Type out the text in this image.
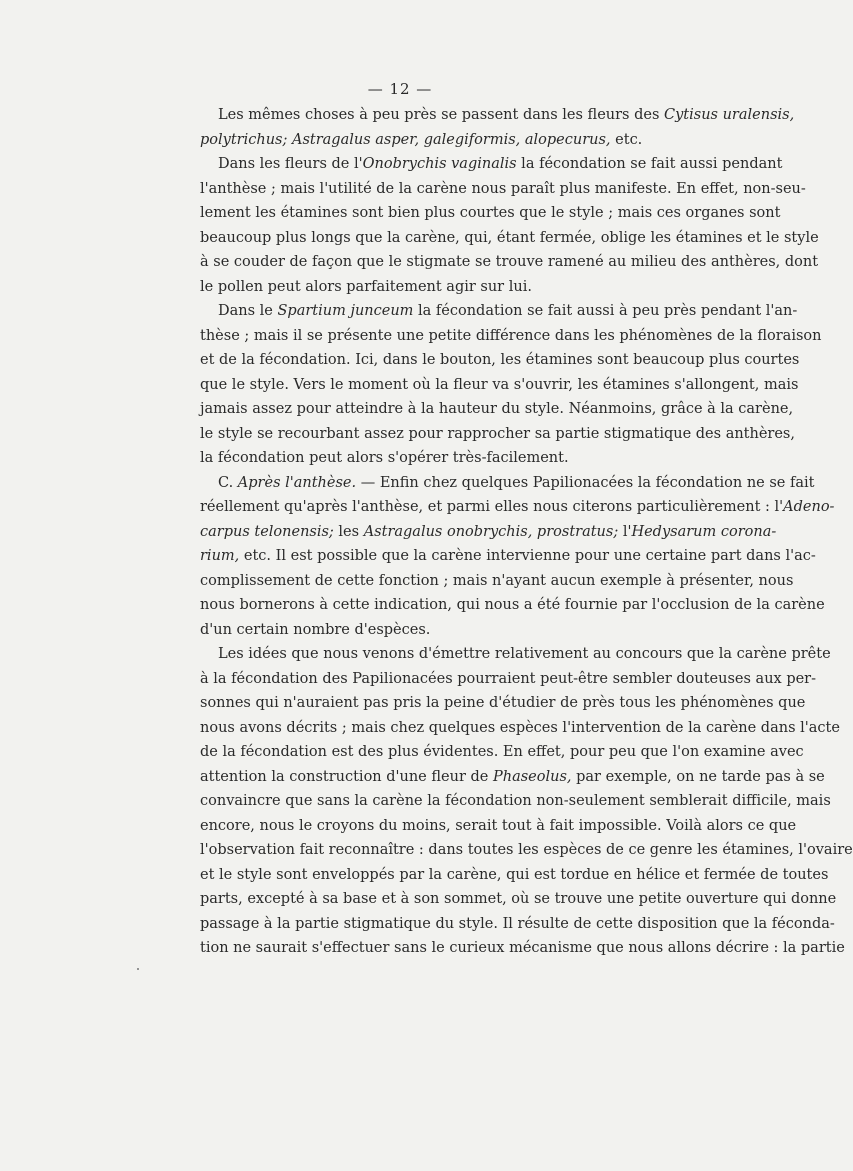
— 12 —
Les mêmes choses à peu près se passent dans les fleurs des Cytisus uralensis,
polytrichus; Astragalus asper, galegiformis, alopecurus, etc.
Dans les fleurs de l'Onobrychis vaginalis la fécondation se fait aussi pendant
l'anthèse ; mais l'utilité de la carène nous paraît plus manifeste. En effet, non-seu-
lement les étamines sont bien plus courtes que le style ; mais ces organes sont
beaucoup plus longs que la carène, qui, étant fermée, oblige les étamines et le style
à se couder de façon que le stigmate se trouve ramené au milieu des anthères, dont
le pollen peut alors parfaitement agir sur lui.
Dans le Spartium junceum la fécondation se fait aussi à peu près pendant l'an-
thèse ; mais il se présente une petite différence dans les phénomènes de la floraison
et de la fécondation. Ici, dans le bouton, les étamines sont beaucoup plus courtes
que le style. Vers le moment où la fleur va s'ouvrir, les étamines s'allongent, mais
jamais assez pour atteindre à la hauteur du style. Néanmoins, grâce à la carène,
le style se recourbant assez pour rapprocher sa partie stigmatique des anthères,
la fécondation peut alors s'opérer très-facilement.
C. Après l'anthèse. — Enfin chez quelques Papilionacées la fécondation ne se fait
réellement qu'après l'anthèse, et parmi elles nous citerons particulièrement : l'Adeno-
carpus telonensis; les Astragalus onobrychis, prostratus; l'Hedysarum corona-
rium, etc. Il est possible que la carène intervienne pour une certaine part dans l'ac-
complissement de cette fonction ; mais n'ayant aucun exemple à présenter, nous
nous bornerons à cette indication, qui nous a été fournie par l'occlusion de la carène
d'un certain nombre d'espèces.
Les idées que nous venons d'émettre relativement au concours que la carène prête
à la fécondation des Papilionacées pourraient peut-être sembler douteuses aux per-
sonnes qui n'auraient pas pris la peine d'étudier de près tous les phénomènes que
nous avons décrits ; mais chez quelques espèces l'intervention de la carène dans l'acte
de la fécondation est des plus évidentes. En effet, pour peu que l'on examine avec
attention la construction d'une fleur de Phaseolus, par exemple, on ne tarde pas à se
convaincre que sans la carène la fécondation non-seulement semblerait difficile, mais
encore, nous le croyons du moins, serait tout à fait impossible. Voilà alors ce que
l'observation fait reconnaître : dans toutes les espèces de ce genre les étamines, l'ovaire
et le style sont enveloppés par la carène, qui est tordue en hélice et fermée de toutes
parts, excepté à sa base et à son sommet, où se trouve une petite ouverture qui donne
passage à la partie stigmatique du style. Il résulte de cette disposition que la féconda-
tion ne saurait s'effectuer sans le curieux mécanisme que nous allons décrire : la partie
